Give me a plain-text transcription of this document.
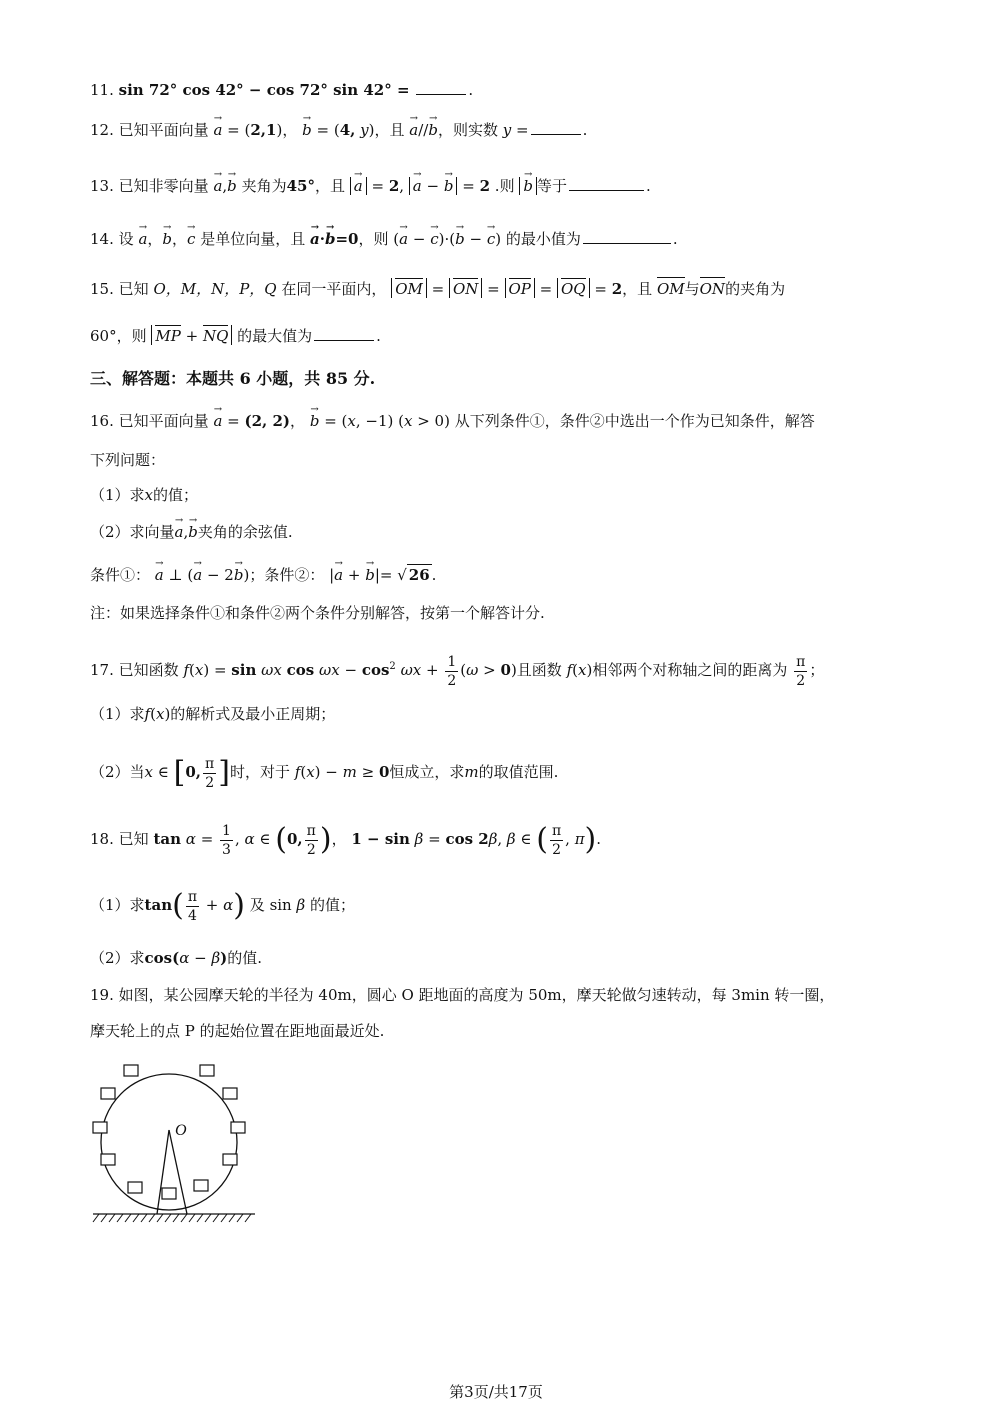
11. sin 72° cos 42° − cos 72° sin 42° =	.
12. 已知平面向量 → a = (2,1)， → b = (4, y)，且 → a//→ b，则实数 y =	.
13. 已知非零向量 → a,→ b 夹角为45°，且 → a = 2, → a − → b = 2 .则 → b 等于	.
14. 设 → a，→ b，→ c 是单位向量，且 → a·→ b=0，则 (→ a − → c)·(→ b − → c) 的最小值为	.
15. 已知 O，M，N，P，Q 在同一平面内， OM = ON = OP = OQ = 2，且 OM与ON的夹角为
60°，则 MP + NQ 的最大值为	.
三、解答题：本题共 6 小题，共 85 分.
16. 已知平面向量 → a = (2, 2)， → b = (x, −1) (x > 0) 从下列条件①，条件②中选出一个作为已知条件，解答
下列问题：
（1）求x的值；
（2）求向量→ a,→ b夹角的余弦值.
条件①： → a ⊥ (→ a − 2→ b)；条件②： |→ a + → b|= √ 26 .
注：如果选择条件①和条件②两个条件分别解答，按第一个解答计分.
17. 已知函数 f(x) = sin ωx $\cos \omega x - \cos^2 \omega x + \frac{1}{2} (\omega > 0)$且函数 f(x)相邻两个对称轴之间的距离为 $\frac{\pi}{2}$ ；
（1）求f(x)的解析式及最小正周期；
（2）当x ∈ [0, $\frac{\pi}{2}$ ]时，对于 f(x) − m ≥ 0恒成立，求m的取值范围.
18. 已知 $\tan \alpha = \frac{1}{3}$ , α ∈ (0, $\frac{\pi}{2}$ )， 1 − sin β = cos 2β, β ∈ ( $\frac{\pi}{2}$ , π).
（1）求$\tan( \frac{\pi}{4} + \alpha)$ 及 sin β 的值；
（2）求cos(α − β)的值.
19. 如图，某公园摩天轮的半径为 40m，圆心 O 距地面的高度为 50m，摩天轮做匀速转动，每 3min 转一圈，
摩天轮上的点 P 的起始位置在距地面最近处.
O
第3页/共17页
